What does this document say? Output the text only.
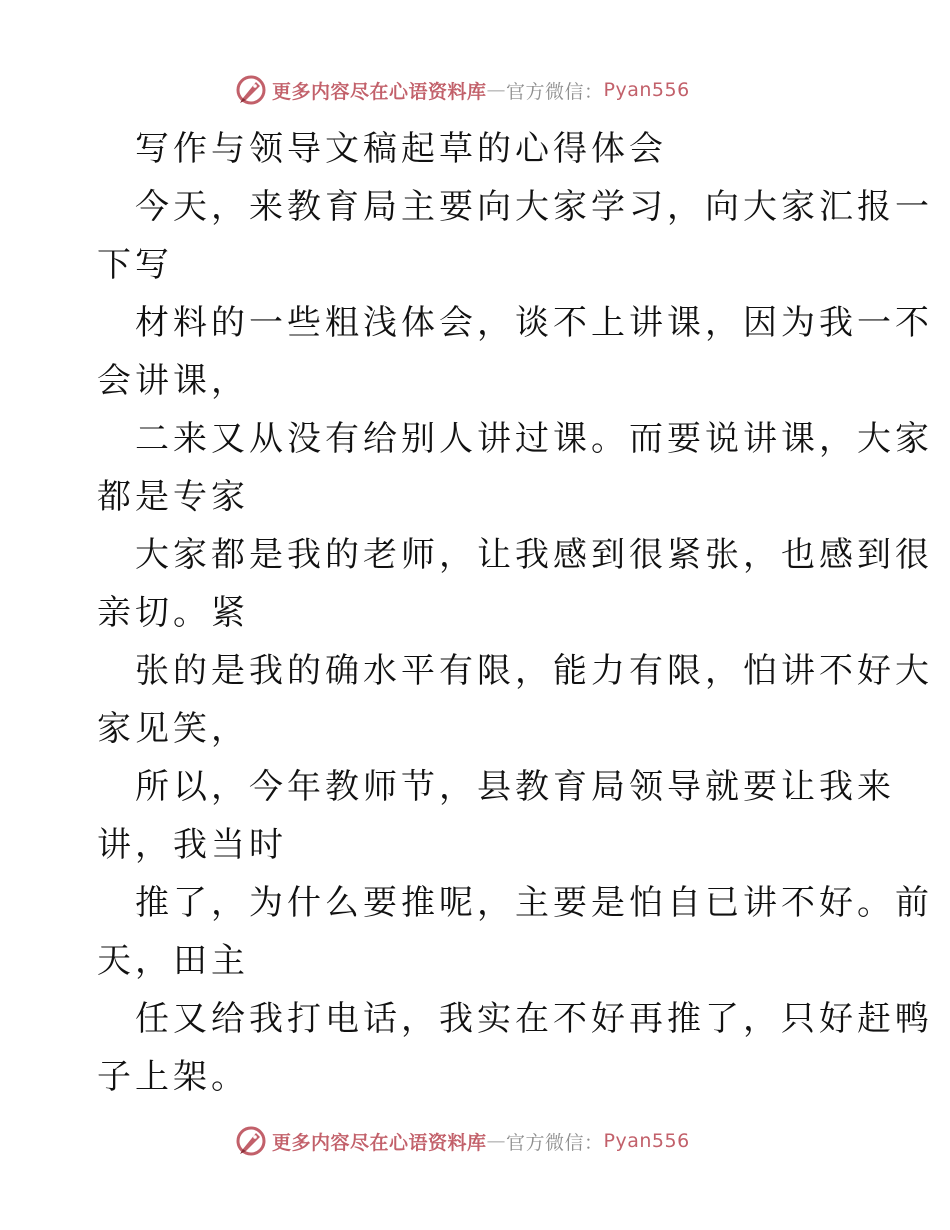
更多内容尽在心语资料库 — 官方微信： Pyan556
写作与领导文稿起草的心得体会
今天，来教育局主要向大家学习，向大家汇报一
下写
材料的一些粗浅体会，谈不上讲课，因为我一不
会讲课，
二来又从没有给别人讲过课。而要说讲课，大家
都是专家
大家都是我的老师，让我感到很紧张，也感到很
亲切。紧
张的是我的确水平有限，能力有限，怕讲不好大
家见笑，
所以，今年教师节，县教育局领导就要让我来
讲，我当时
推了，为什么要推呢，主要是怕自已讲不好。前
天，田主
任又给我打电话，我实在不好再推了，只好赶鸭
子上架。
更多内容尽在心语资料库 — 官方微信： Pyan556
